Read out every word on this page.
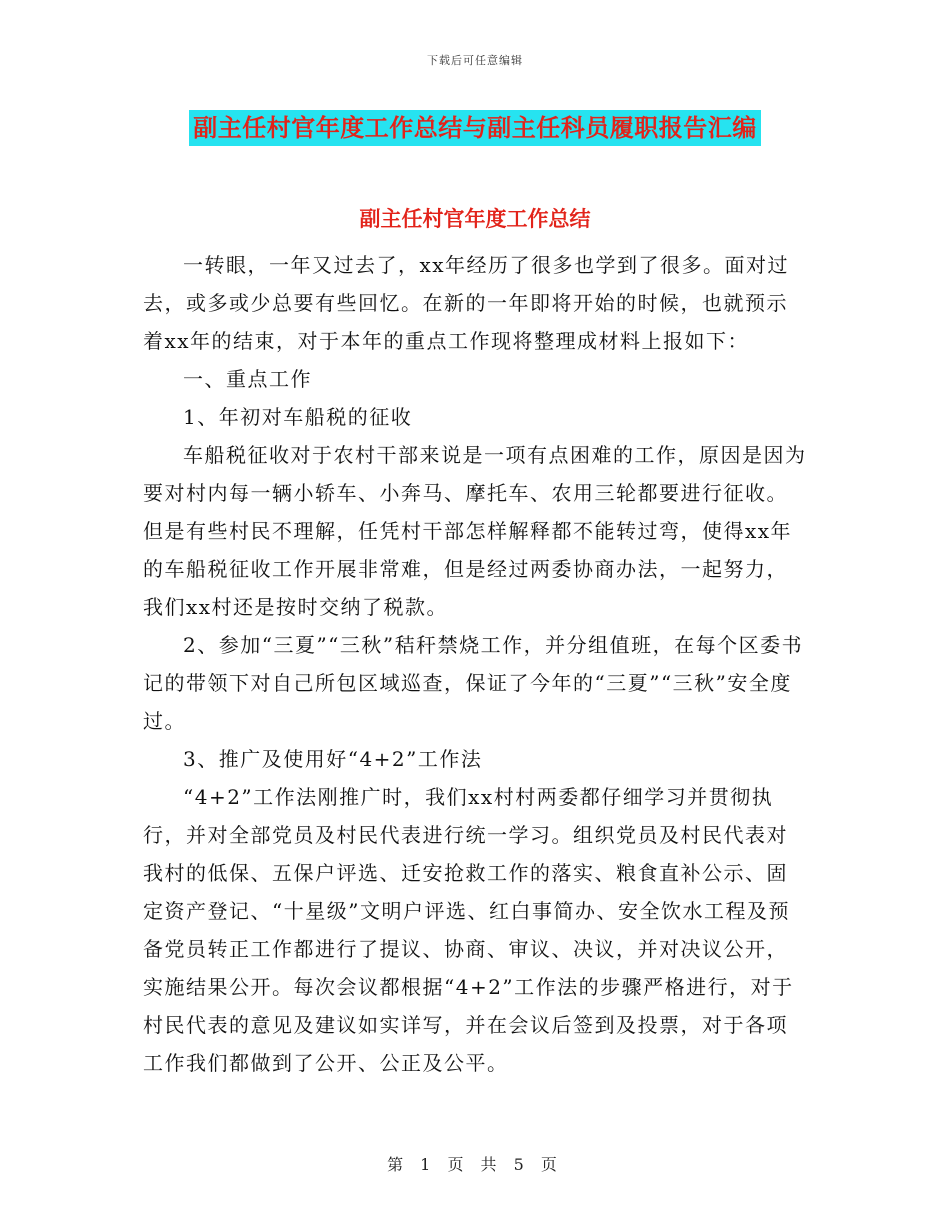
下载后可任意编辑
副主任村官年度工作总结与副主任科员履职报告汇编
副主任村官年度工作总结

一转眼，一年又过去了，xx年经历了很多也学到了很多。面对过去，或多或少总要有些回忆。在新的一年即将开始的时候，也就预示着xx年的结束，对于本年的重点工作现将整理成材料上报如下：

一、重点工作

1、年初对车船税的征收

车船税征收对于农村干部来说是一项有点困难的工作，原因是因为要对村内每一辆小轿车、小奔马、摩托车、农用三轮都要进行征收。但是有些村民不理解，任凭村干部怎样解释都不能转过弯，使得xx年的车船税征收工作开展非常难，但是经过两委协商办法，一起努力，我们xx村还是按时交纳了税款。

2、参加“三夏”“三秋”秸秆禁烧工作，并分组值班，在每个区委书记的带领下对自己所包区域巡查，保证了今年的“三夏”“三秋”安全度过。

3、推广及使用好“4+2”工作法

“4+2”工作法刚推广时，我们xx村村两委都仔细学习并贯彻执行，并对全部党员及村民代表进行统一学习。组织党员及村民代表对我村的低保、五保户评选、迁安抢救工作的落实、粮食直补公示、固定资产登记、“十星级”文明户评选、红白事简办、安全饮水工程及预备党员转正工作都进行了提议、协商、审议、决议，并对决议公开，实施结果公开。每次会议都根据“4+2”工作法的步骤严格进行，对于村民代表的意见及建议如实详写，并在会议后签到及投票，对于各项工作我们都做到了公开、公正及公平。

第 1 页 共 5 页
